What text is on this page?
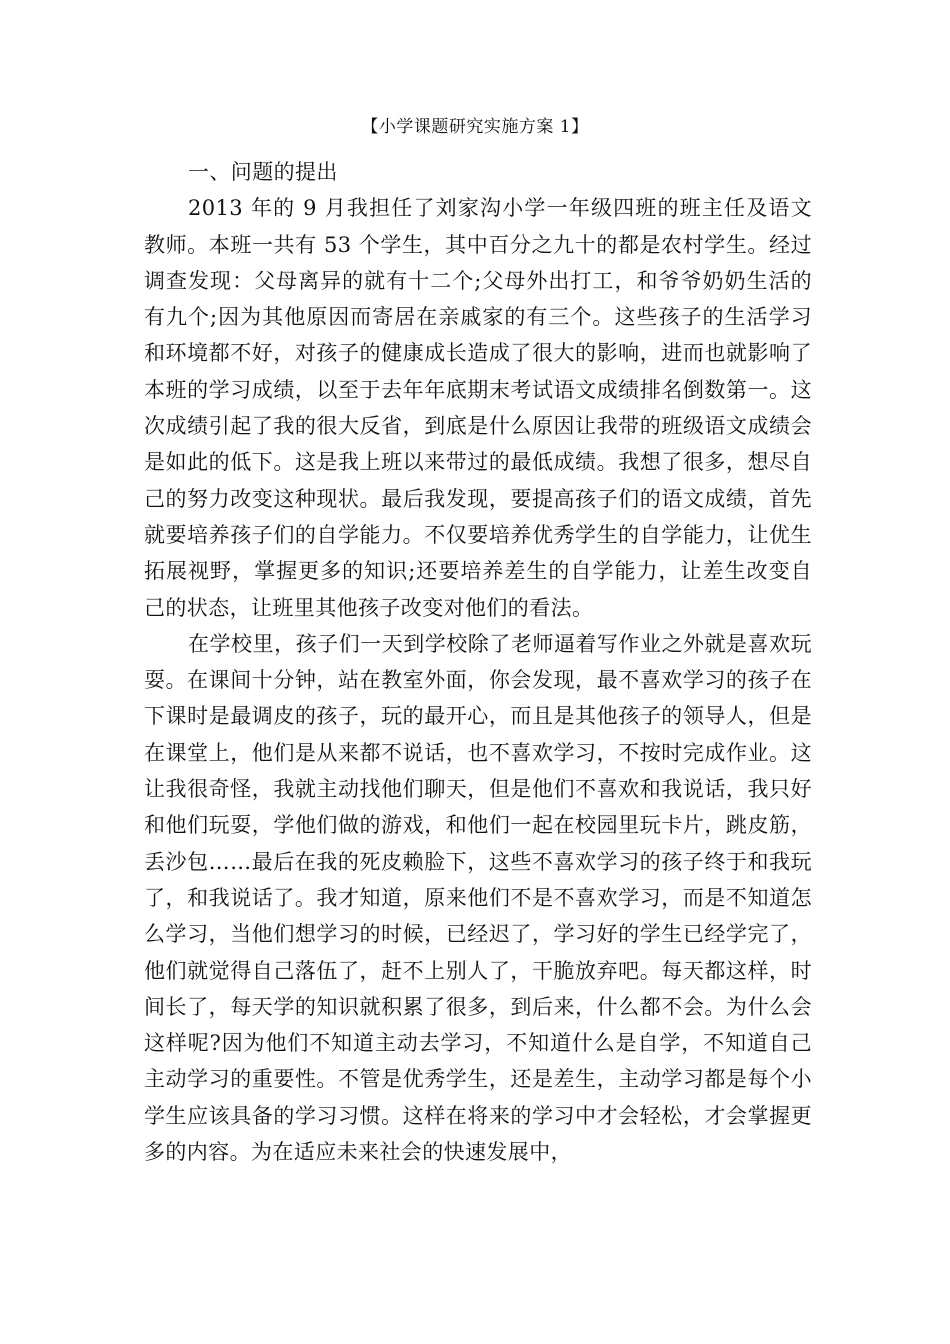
【小学课题研究实施方案 1】

一、问题的提出

2013 年的 9 月我担任了刘家沟小学一年级四班的班主任及语文教师。本班一共有 53 个学生，其中百分之九十的都是农村学生。经过调查发现：父母离异的就有十二个;父母外出打工，和爷爷奶奶生活的有九个;因为其他原因而寄居在亲戚家的有三个。这些孩子的生活学习和环境都不好，对孩子的健康成长造成了很大的影响，进而也就影响了本班的学习成绩，以至于去年年底期末考试语文成绩排名倒数第一。这次成绩引起了我的很大反省，到底是什么原因让我带的班级语文成绩会是如此的低下。这是我上班以来带过的最低成绩。我想了很多，想尽自己的努力改变这种现状。最后我发现，要提高孩子们的语文成绩，首先就要培养孩子们的自学能力。不仅要培养优秀学生的自学能力，让优生拓展视野，掌握更多的知识;还要培养差生的自学能力，让差生改变自己的状态，让班里其他孩子改变对他们的看法。

在学校里，孩子们一天到学校除了老师逼着写作业之外就是喜欢玩耍。在课间十分钟，站在教室外面，你会发现，最不喜欢学习的孩子在下课时是最调皮的孩子，玩的最开心，而且是其他孩子的领导人，但是在课堂上，他们是从来都不说话，也不喜欢学习，不按时完成作业。这让我很奇怪，我就主动找他们聊天，但是他们不喜欢和我说话，我只好和他们玩耍，学他们做的游戏，和他们一起在校园里玩卡片，跳皮筋，丢沙包……最后在我的死皮赖脸下，这些不喜欢学习的孩子终于和我玩了，和我说话了。我才知道，原来他们不是不喜欢学习，而是不知道怎么学习，当他们想学习的时候，已经迟了，学习好的学生已经学完了，他们就觉得自己落伍了，赶不上别人了，干脆放弃吧。每天都这样，时间长了，每天学的知识就积累了很多，到后来，什么都不会。为什么会这样呢?因为他们不知道主动去学习，不知道什么是自学，不知道自己主动学习的重要性。不管是优秀学生，还是差生，主动学习都是每个小学生应该具备的学习习惯。这样在将来的学习中才会轻松，才会掌握更多的内容。为在适应未来社会的快速发展中，
